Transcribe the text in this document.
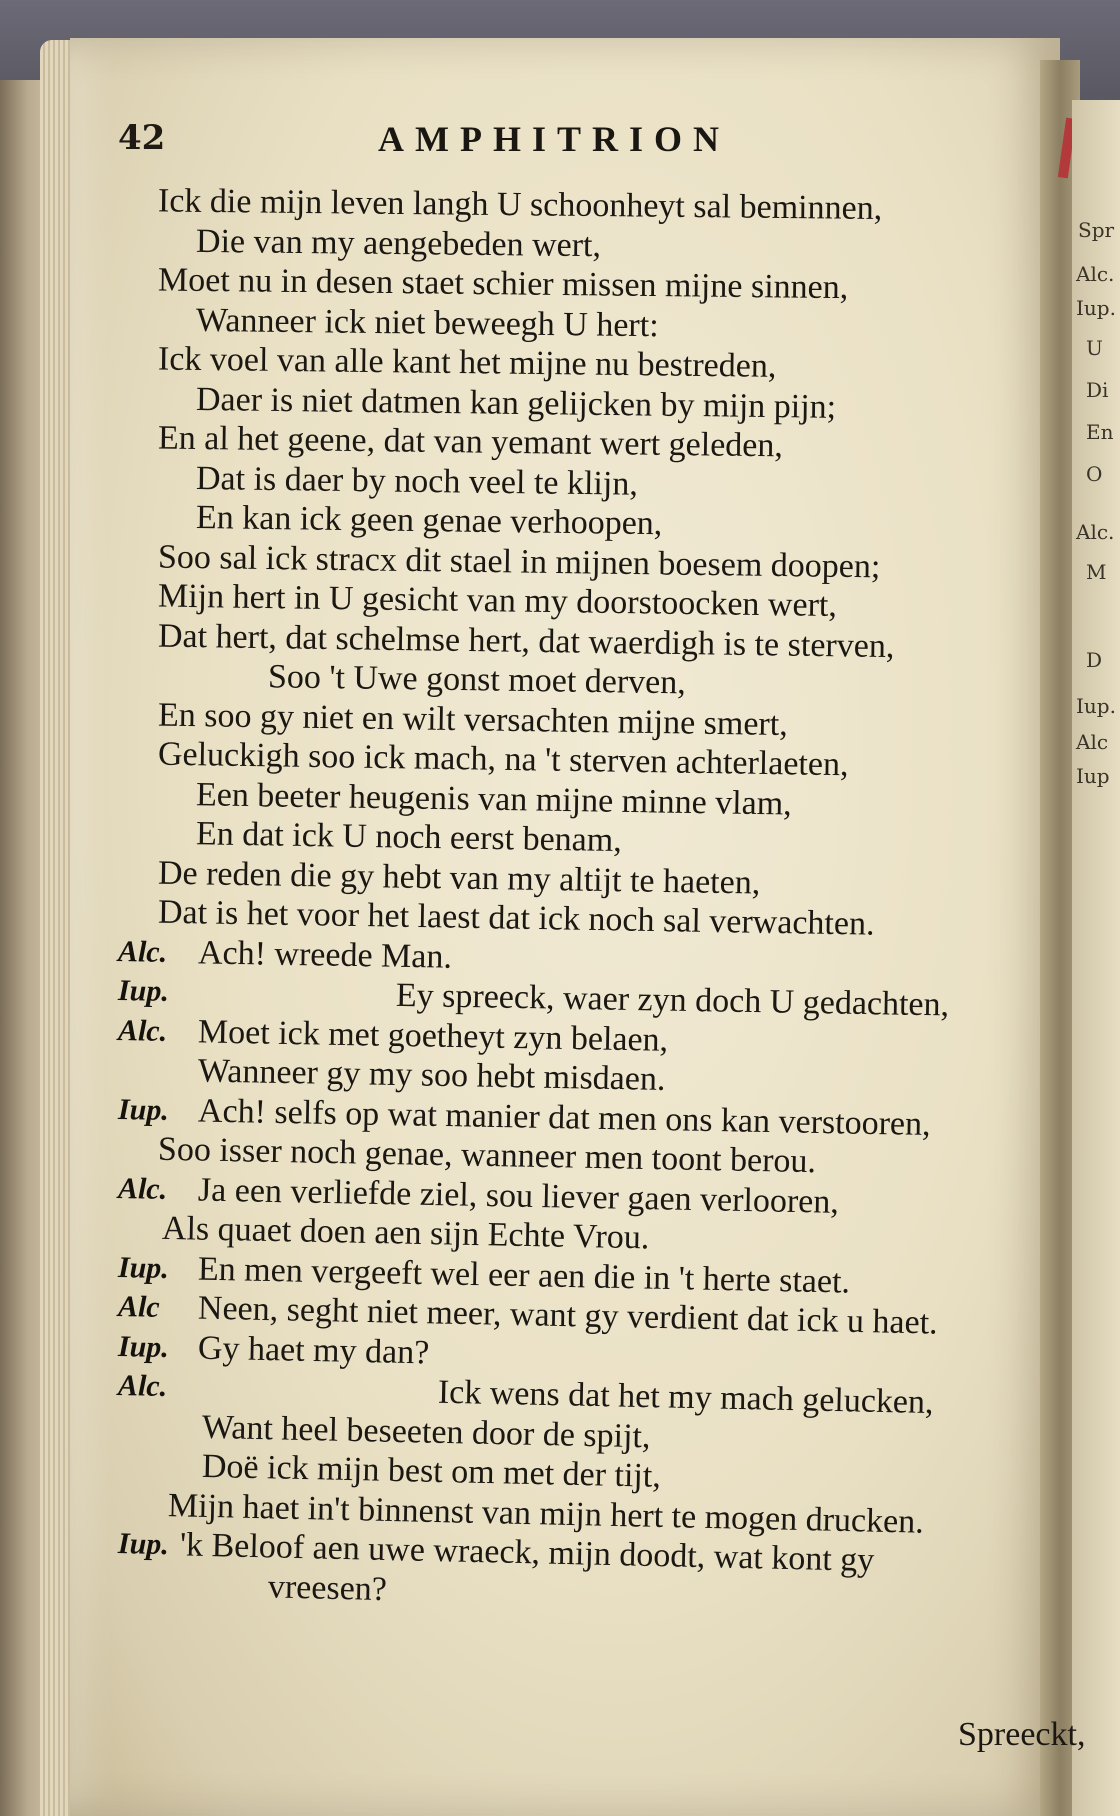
Spr
Alc.
Iup.
U
Di
En
O
Alc.
M
D
Iup.
Alc
Iup
42	AMPHITRION
Ick die mijn leven langh U schoonheyt sal beminnen,
Die van my aengebeden wert,
Moet nu in desen staet schier missen mijne sinnen,
Wanneer ick niet beweegh U hert:
Ick voel van alle kant het mijne nu bestreden,
Daer is niet datmen kan gelijcken by mijn pijn;
En al het geene, dat van yemant wert geleden,
Dat is daer by noch veel te klijn,
En kan ick geen genae verhoopen,
Soo sal ick stracx dit stael in mijnen boesem doopen;
Mijn hert in U gesicht van my doorstoocken wert,
Dat hert, dat schelmse hert, dat waerdigh is te sterven,
Soo 't Uwe gonst moet derven,
En soo gy niet en wilt versachten mijne smert,
Geluckigh soo ick mach, na 't sterven achterlaeten,
Een beeter heugenis van mijne minne vlam,
En dat ick U noch eerst benam,
De reden die gy hebt van my altijt te haeten,
Dat is het voor het laest dat ick noch sal verwachten.
Alc. Ach! wreede Man.
Iup.	Ey spreeck, waer zyn doch U gedachten,
Alc. Moet ick met goetheyt zyn belaen,
Wanneer gy my soo hebt misdaen.
Iup. Ach! selfs op wat manier dat men ons kan verstooren,
Soo isser noch genae, wanneer men toont berou.
Alc. Ja een verliefde ziel, sou liever gaen verlooren,
Als quaet doen aen sijn Echte Vrou.
Iup. En men vergeeft wel eer aen die in 't herte staet.
Alc Neen, seght niet meer, want gy verdient dat ick u haet.
Iup. Gy haet my dan?
Alc.	Ick wens dat het my mach gelucken,
Want heel beseeten door de spijt,
Doë ick mijn best om met der tijt,
Mijn haet in't binnenst van mijn hert te mogen drucken.
Iup. 'k Beloof aen uwe wraeck, mijn doodt, wat kont gy
vreesen?
Spreeckt,
